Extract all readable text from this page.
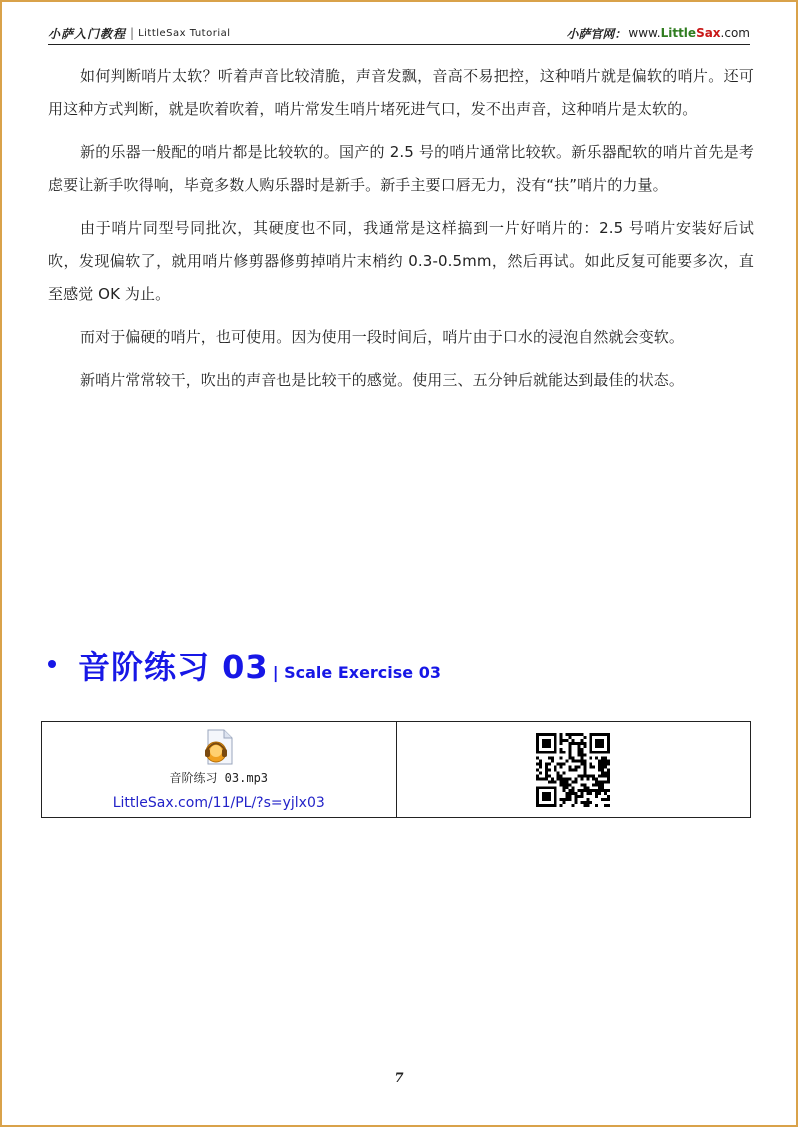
小萨入门教程 | LittleSax Tutorial	小萨官网： www. Little Sax .com

如何判断哨片太软？听着声音比较清脆，声音发飘，音高不易把控，这种哨片就是偏软的哨片。还可用这种方式判断，就是吹着吹着，哨片常发生哨片堵死进气口，发不出声音，这种哨片是太软的。

新的乐器一般配的哨片都是比较软的。国产的 2.5 号的哨片通常比较软。新乐器配软的哨片首先是考虑要让新手吹得响，毕竟多数人购乐器时是新手。新手主要口唇无力，没有“扶”哨片的力量。

由于哨片同型号同批次，其硬度也不同，我通常是这样搞到一片好哨片的：2.5 号哨片安装好后试吹，发现偏软了，就用哨片修剪器修剪掉哨片末梢约 0.3-0.5mm，然后再试。如此反复可能要多次，直至感觉 OK 为止。

而对于偏硬的哨片，也可使用。因为使用一段时间后，哨片由于口水的浸泡自然就会变软。

新哨片常常较干，吹出的声音也是比较干的感觉。使用三、五分钟后就能达到最佳的状态。

音阶练习 03 | Scale Exercise 03
音阶练习 03.mp3
LittleSax.com/11/PL/?s=yjlx03	
7
